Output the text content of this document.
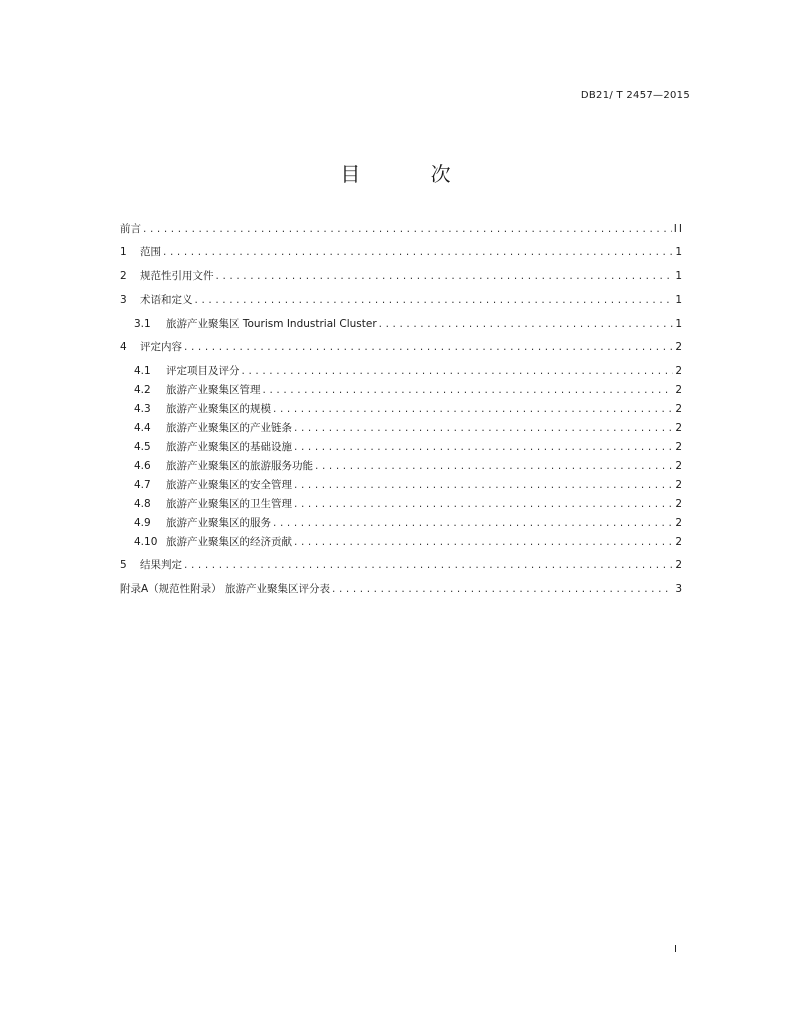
DB21/ T 2457—2015
目 次
前言 .....	II
1 范围 .....	1
2 规范性引用文件 .....	1
3 术语和定义 .....	1
3.1 旅游产业聚集区 Tourism Industrial Cluster .....	1
4 评定内容 .....	2
4.1 评定项目及评分 .....	2
4.2 旅游产业聚集区管理 .....	2
4.3 旅游产业聚集区的规模 .....	2
4.4 旅游产业聚集区的产业链条 .....	2
4.5 旅游产业聚集区的基础设施 .....	2
4.6 旅游产业聚集区的旅游服务功能 .....	2
4.7 旅游产业聚集区的安全管理 .....	2
4.8 旅游产业聚集区的卫生管理 .....	2
4.9 旅游产业聚集区的服务 .....	2
4.10 旅游产业聚集区的经济贡献 .....	2
5 结果判定 .....	2
附录A（规范性附录） 旅游产业聚集区评分表 .....	3
I
